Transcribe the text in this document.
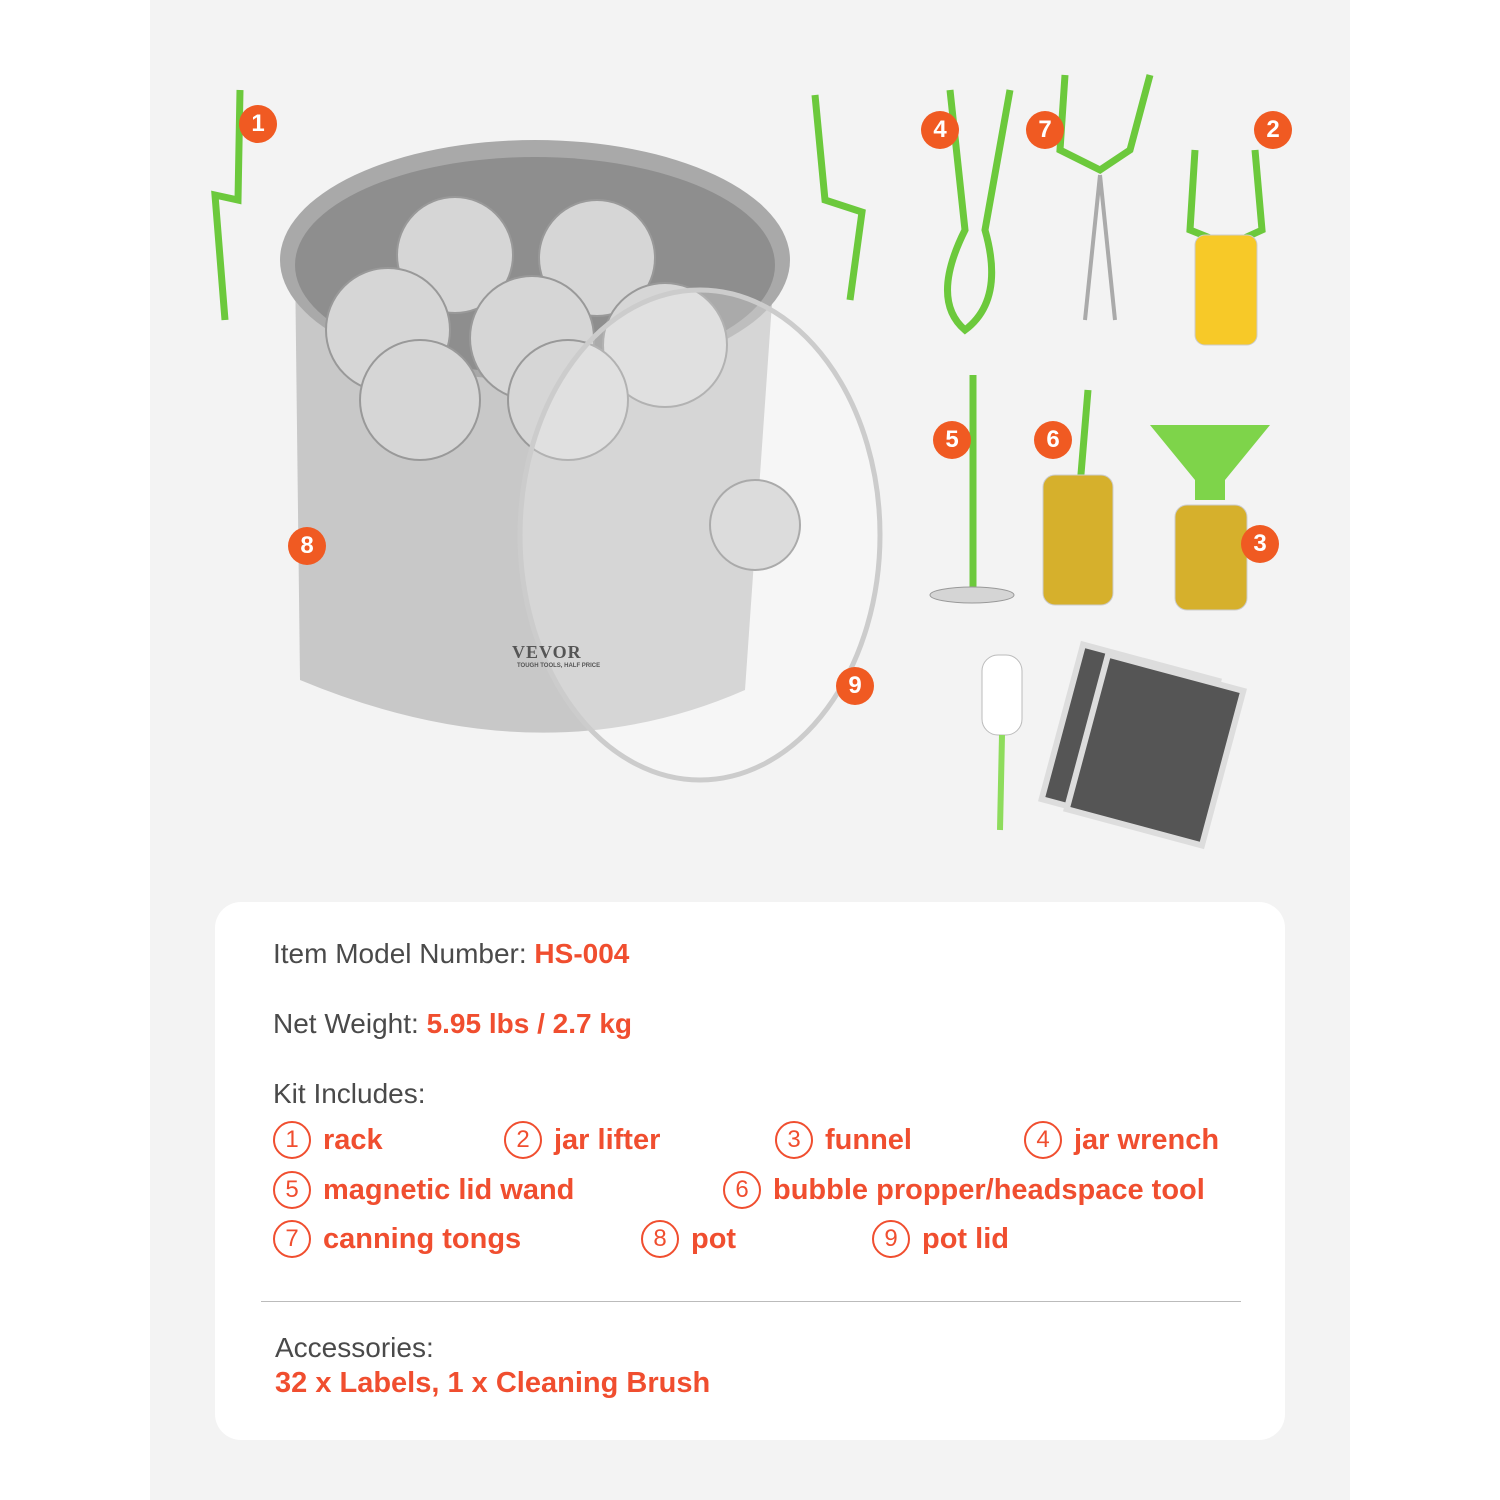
VEVOR
TOUGH TOOLS, HALF PRICE
1	2
3
4
5	6
7
8
9
Item Model Number: HS-004
Net Weight: 5.95 lbs / 2.7 kg
Kit Includes:
1 rack	2 jar lifter	3 funnel	4 jar wrench
5 magnetic lid wand	6 bubble propper/headspace tool
7 canning tongs	8 pot	9 pot lid
Accessories:
32 x Labels, 1 x Cleaning Brush
